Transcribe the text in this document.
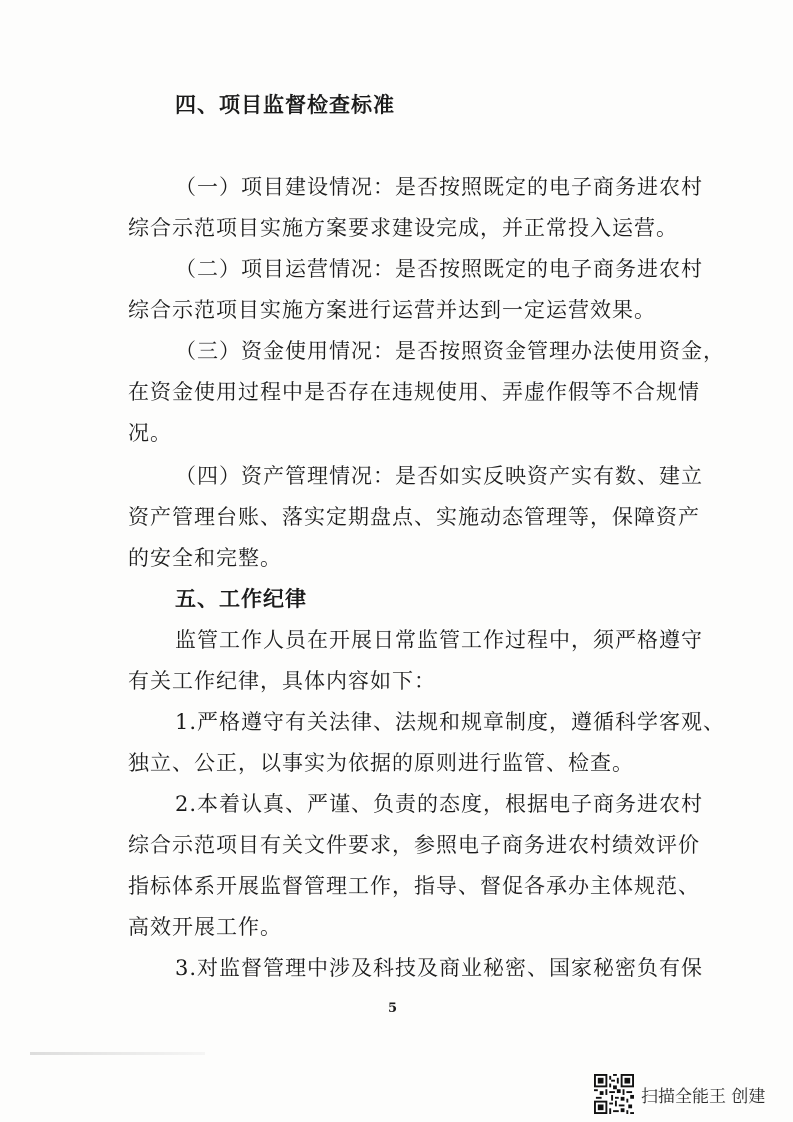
四、项目监督检查标准

（一）项目建设情况：是否按照既定的电子商务进农村

综合示范项目实施方案要求建设完成，并正常投入运营。

（二）项目运营情况：是否按照既定的电子商务进农村

综合示范项目实施方案进行运营并达到一定运营效果。

（三）资金使用情况：是否按照资金管理办法使用资金，

在资金使用过程中是否存在违规使用、弄虚作假等不合规情

况。

（四）资产管理情况：是否如实反映资产实有数、建立

资产管理台账、落实定期盘点、实施动态管理等，保障资产

的安全和完整。

五、工作纪律

监管工作人员在开展日常监管工作过程中，须严格遵守

有关工作纪律，具体内容如下：

1.严格遵守有关法律、法规和规章制度，遵循科学客观、

独立、公正，以事实为依据的原则进行监管、检查。

2.本着认真、严谨、负责的态度，根据电子商务进农村

综合示范项目有关文件要求，参照电子商务进农村绩效评价

指标体系开展监督管理工作，指导、督促各承办主体规范、

高效开展工作。

3.对监督管理中涉及科技及商业秘密、国家秘密负有保

5

扫描全能王 创建
